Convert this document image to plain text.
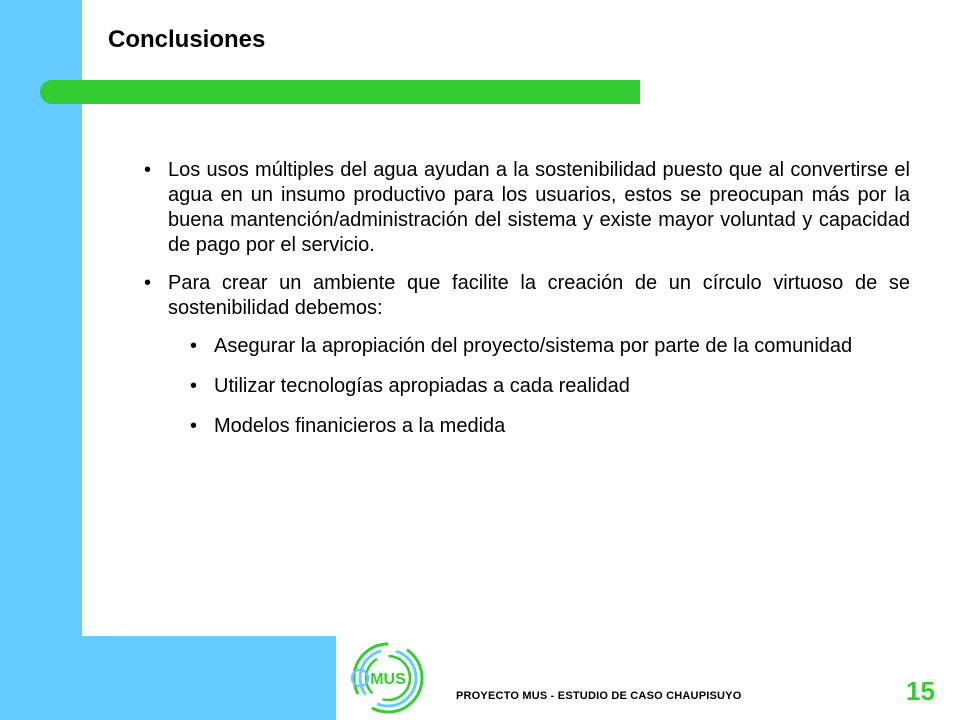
Conclusiones
• Los usos múltiples del agua ayudan a la sostenibilidad puesto que al convertirse el agua en un insumo productivo para los usuarios, estos se preocupan más por la buena mantención/administración del sistema y existe mayor voluntad y capacidad de pago por el servicio.
• Para crear un ambiente que facilite la creación de un círculo virtuoso de se sostenibilidad debemos:
• Asegurar la apropiación del proyecto/sistema por parte de la comunidad
• Utilizar tecnologías apropiadas a cada realidad
• Modelos finanicieros a la medida
MUS
PROYECTO MUS - ESTUDIO DE CASO CHAUPISUYO	15
